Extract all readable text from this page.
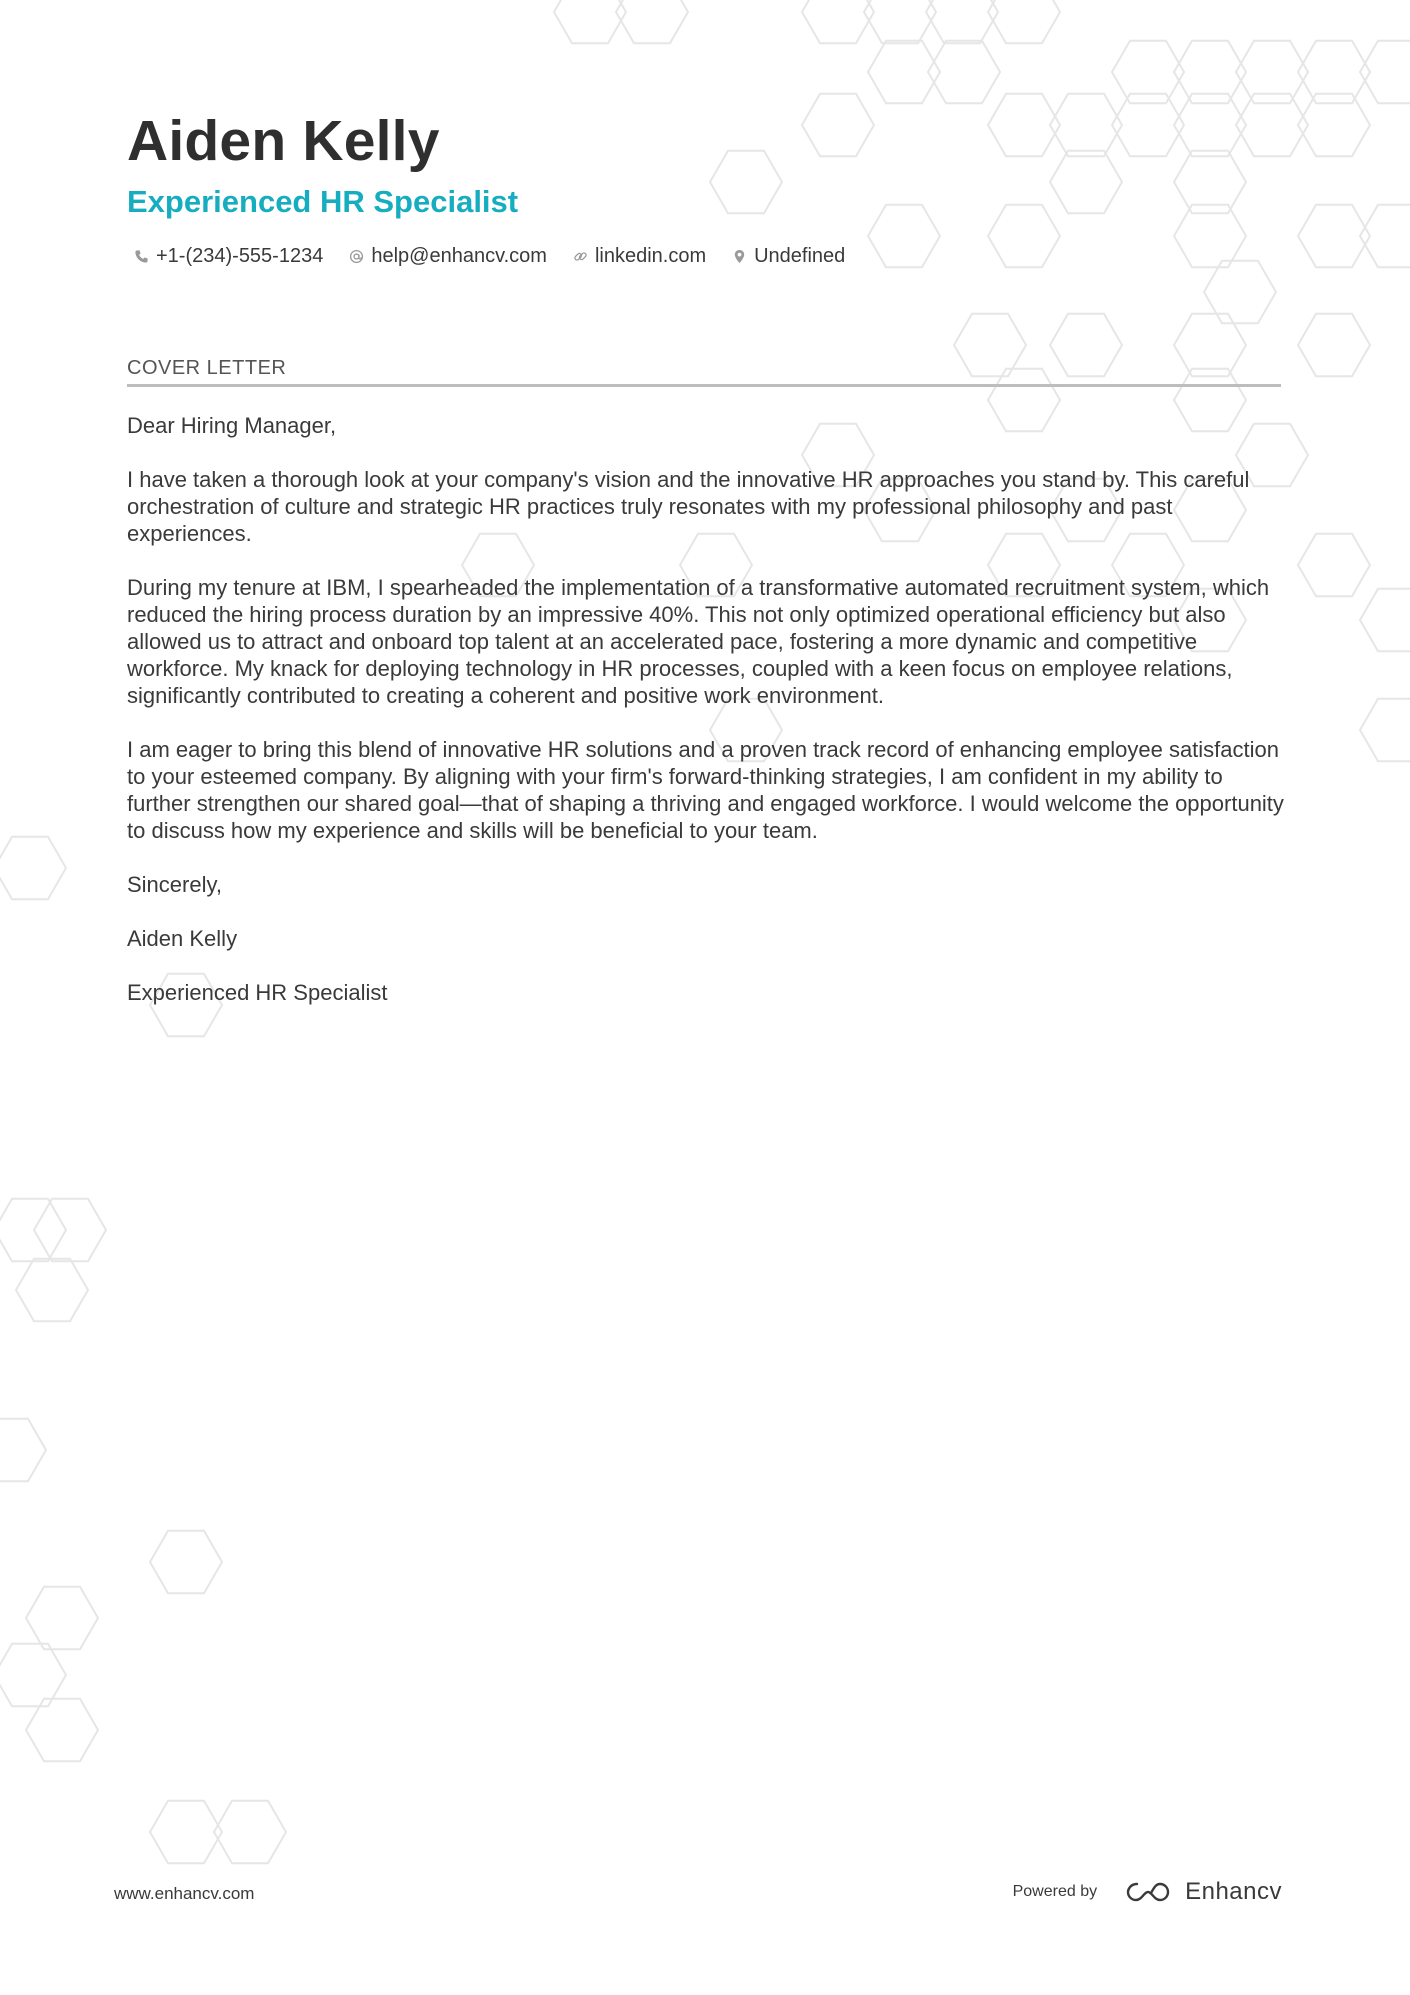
Aiden Kelly
Experienced HR Specialist
+1-(234)-555-1234 help@enhancv.com linkedin.com Undefined
COVER LETTER

Dear Hiring Manager,

I have taken a thorough look at your company's vision and the innovative HR approaches you stand by. This careful orchestration of culture and strategic HR practices truly resonates with my professional philosophy and past experiences.

During my tenure at IBM, I spearheaded the implementation of a transformative automated recruitment system, which reduced the hiring process duration by an impressive 40%. This not only optimized operational efficiency but also allowed us to attract and onboard top talent at an accelerated pace, fostering a more dynamic and competitive workforce. My knack for deploying technology in HR processes, coupled with a keen focus on employee relations, significantly contributed to creating a coherent and positive work environment.

I am eager to bring this blend of innovative HR solutions and a proven track record of enhancing employee satisfaction to your esteemed company. By aligning with your firm's forward-thinking strategies, I am confident in my ability to further strengthen our shared goal—that of shaping a thriving and engaged workforce. I would welcome the opportunity to discuss how my experience and skills will be beneficial to your team.

Sincerely,

Aiden Kelly

Experienced HR Specialist

www.enhancv.com	Powered by	Enhancv
